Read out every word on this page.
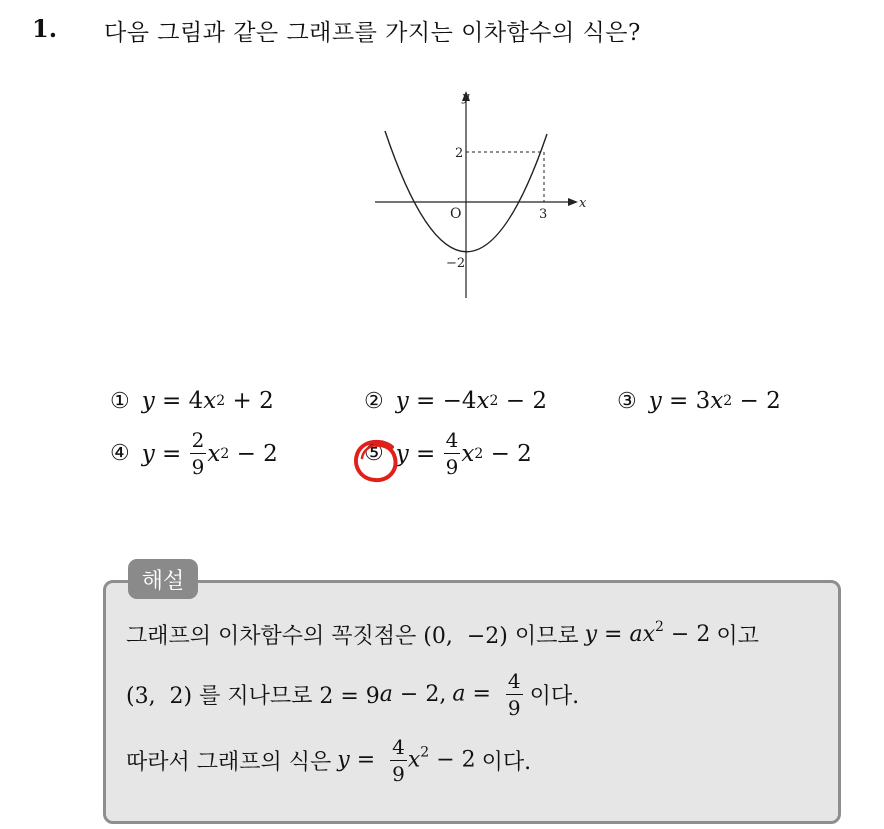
1. 다음 그림과 같은 그래프를 가지는 이차함수의 식은?
y
x
O
2
3
−2
① y = 4 x 2 + 2	② y = −4 x 2 − 2	③ y = 3 x 2 − 2
④ $y = \frac{2}{9}$ x 2 − 2	⑤ $y = \frac{4}{9}$ x 2 − 2
해설
그래프의 이차함수의 꼭짓점은 (0,  −2) 이므로 $y = ax^2 - 2$ 이고
(3,  2) 를 지나므로 2 = 9 a − 2, $a = \frac{4}{9}$ 이다.
따라서 그래프의 식은 $y = \frac{4}{9} x^2 - 2$ 이다.
